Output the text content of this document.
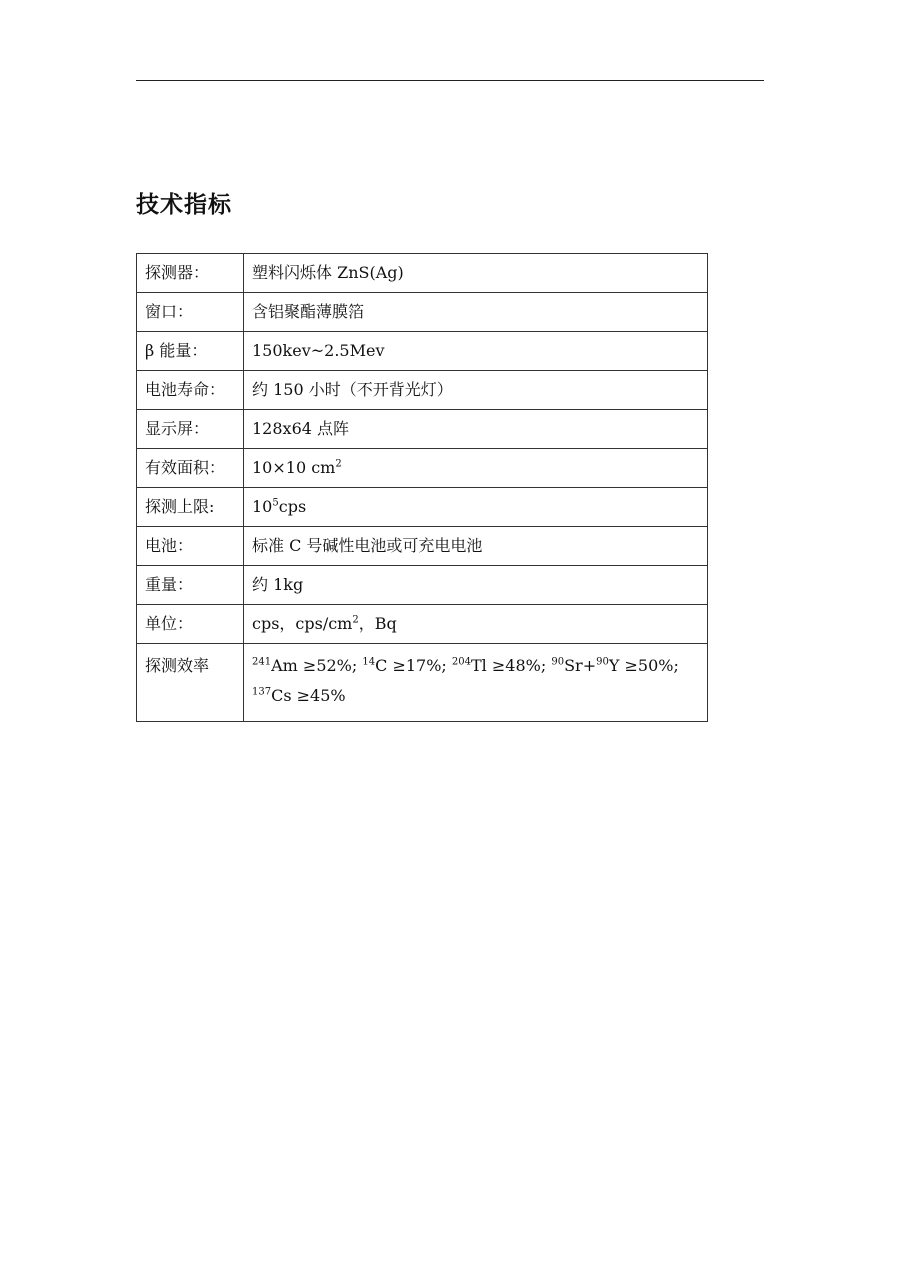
技术指标
探测器：	塑料闪烁体 ZnS(Ag)
窗口：	含铝聚酯薄膜箔
β 能量：	150kev~2.5Mev
电池寿命：	约 150 小时（不开背光灯）
显示屏：	128x64 点阵
有效面积：	10×10 $cm^2$
探测上限:	$10^5cps$
电池：	标准 C 号碱性电池或可充电电池
重量：	约 1kg
单位：	cps，cps/$cm^2$，Bq
探测效率	$^{241}$Am ≥52%; $^{14}$C ≥17%; $^{204}$Tl ≥48%; $^{90}$Sr+$^{90}$Y ≥50%;
$^{137}$Cs ≥45%
